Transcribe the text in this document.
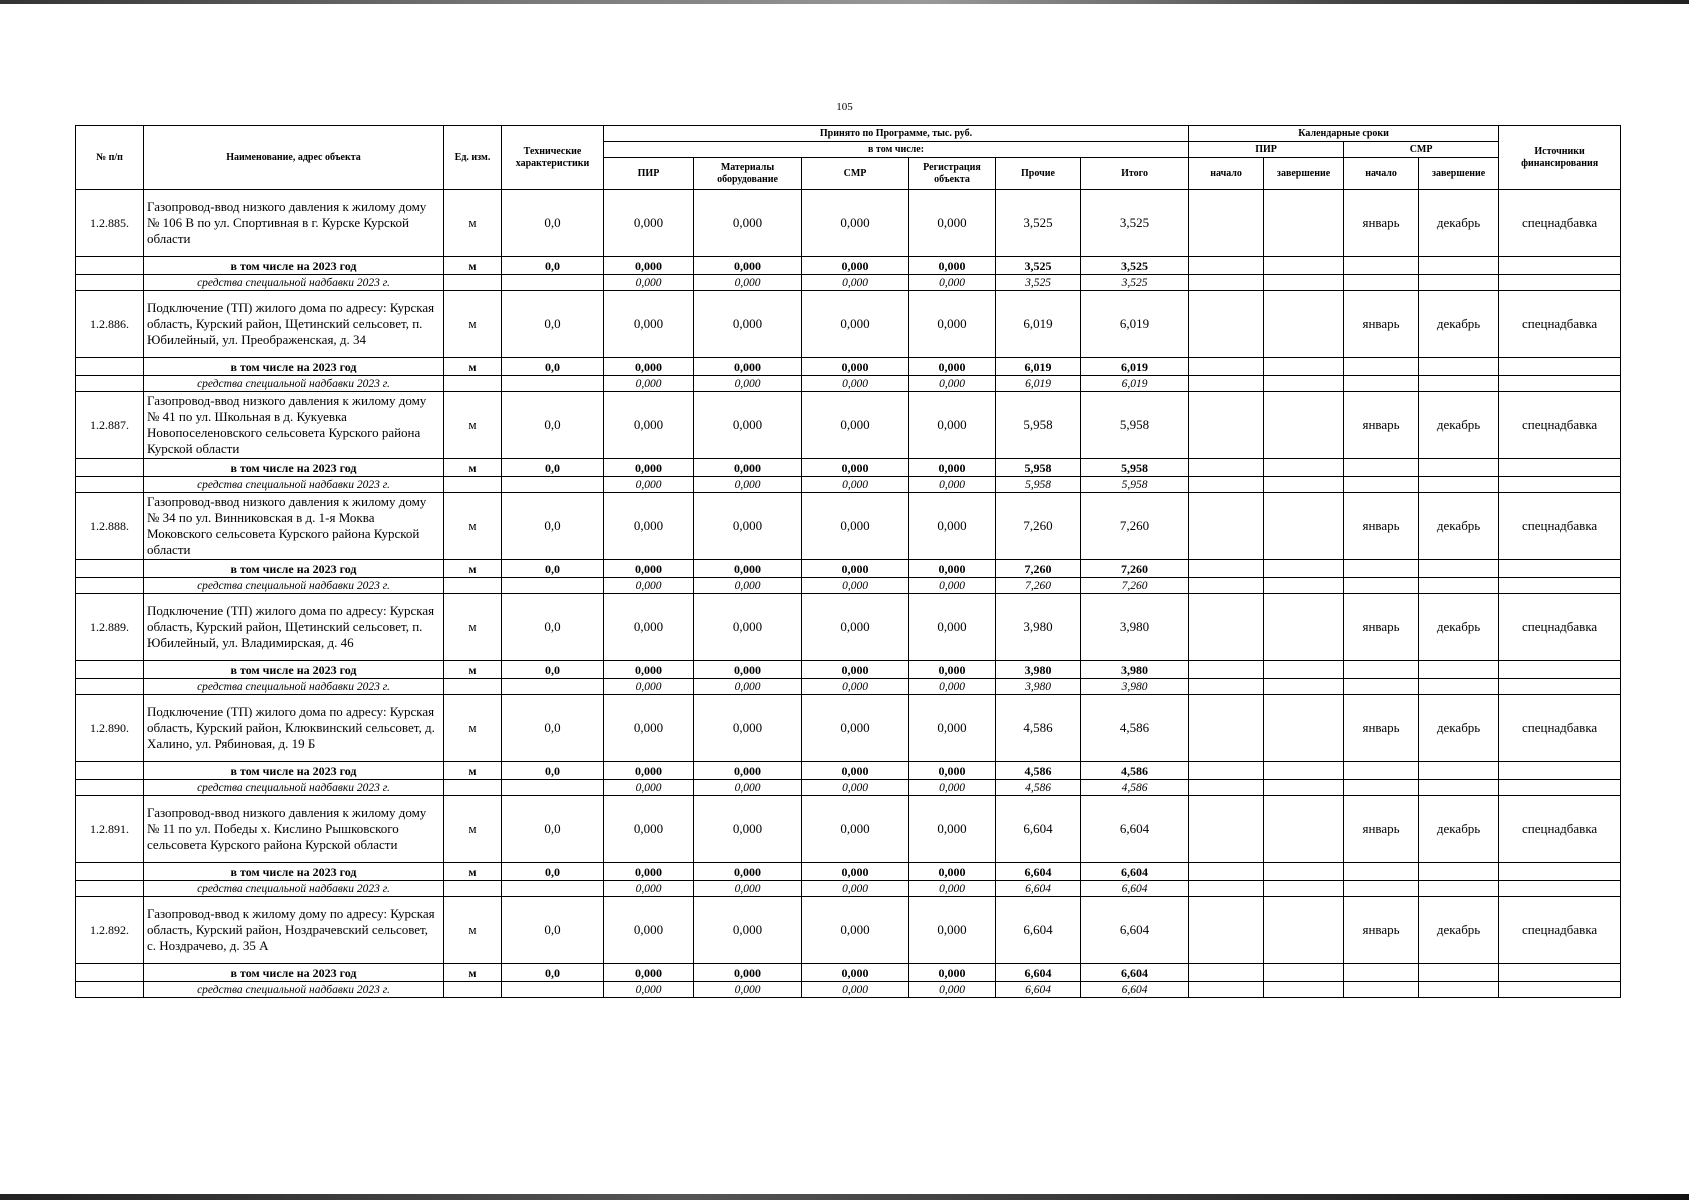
105
№ п/п	Наименование, адрес объекта	Ед. изм.	Технические характеристики	Принято по Программе, тыс. руб.						Календарные сроки				Источники финансирования
				в том числе:						ПИР		СМР		
				ПИР	Материалы оборудование	СМР	Регистрация объекта	Прочие	Итого	начало	завершение	начало	завершение	
1.2.885.	Газопровод-ввод низкого давления к жилому дому № 106 В по ул. Спортивная в г. Курске Курской области	м	0,0	0,000	0,000	0,000	0,000	3,525	3,525			январь	декабрь	спецнадбавка
	в том числе на 2023 год	м	0,0	0,000	0,000	0,000	0,000	3,525	3,525					
	средства специальной надбавки 2023 г.			0,000	0,000	0,000	0,000	3,525	3,525					
1.2.886.	Подключение (ТП) жилого дома по адресу: Курская область, Курский район, Щетинский сельсовет, п. Юбилейный, ул. Преображенская, д. 34	м	0,0	0,000	0,000	0,000	0,000	6,019	6,019			январь	декабрь	спецнадбавка
	в том числе на 2023 год	м	0,0	0,000	0,000	0,000	0,000	6,019	6,019					
	средства специальной надбавки 2023 г.			0,000	0,000	0,000	0,000	6,019	6,019					
1.2.887.	Газопровод-ввод низкого давления к жилому дому № 41 по ул. Школьная в д. Кукуевка Новопоселеновского сельсовета Курского района Курской области	м	0,0	0,000	0,000	0,000	0,000	5,958	5,958			январь	декабрь	спецнадбавка
	в том числе на 2023 год	м	0,0	0,000	0,000	0,000	0,000	5,958	5,958					
	средства специальной надбавки 2023 г.			0,000	0,000	0,000	0,000	5,958	5,958					
1.2.888.	Газопровод-ввод низкого давления к жилому дому № 34 по ул. Винниковская в д. 1-я Моква Моковского сельсовета Курского района Курской области	м	0,0	0,000	0,000	0,000	0,000	7,260	7,260			январь	декабрь	спецнадбавка
	в том числе на 2023 год	м	0,0	0,000	0,000	0,000	0,000	7,260	7,260					
	средства специальной надбавки 2023 г.			0,000	0,000	0,000	0,000	7,260	7,260					
1.2.889.	Подключение (ТП) жилого дома по адресу: Курская область, Курский район, Щетинский сельсовет, п. Юбилейный, ул. Владимирская, д. 46	м	0,0	0,000	0,000	0,000	0,000	3,980	3,980			январь	декабрь	спецнадбавка
	в том числе на 2023 год	м	0,0	0,000	0,000	0,000	0,000	3,980	3,980					
	средства специальной надбавки 2023 г.			0,000	0,000	0,000	0,000	3,980	3,980					
1.2.890.	Подключение (ТП) жилого дома по адресу: Курская область, Курский район, Клюквинский сельсовет, д. Халино, ул. Рябиновая, д. 19 Б	м	0,0	0,000	0,000	0,000	0,000	4,586	4,586			январь	декабрь	спецнадбавка
	в том числе на 2023 год	м	0,0	0,000	0,000	0,000	0,000	4,586	4,586					
	средства специальной надбавки 2023 г.			0,000	0,000	0,000	0,000	4,586	4,586					
1.2.891.	Газопровод-ввод низкого давления к жилому дому № 11 по ул. Победы х. Кислино Рышковского сельсовета Курского района Курской области	м	0,0	0,000	0,000	0,000	0,000	6,604	6,604			январь	декабрь	спецнадбавка
	в том числе на 2023 год	м	0,0	0,000	0,000	0,000	0,000	6,604	6,604					
	средства специальной надбавки 2023 г.			0,000	0,000	0,000	0,000	6,604	6,604					
1.2.892.	Газопровод-ввод к жилому дому по адресу: Курская область, Курский район, Ноздрачевский сельсовет, с. Ноздрачево, д. 35 А	м	0,0	0,000	0,000	0,000	0,000	6,604	6,604			январь	декабрь	спецнадбавка
	в том числе на 2023 год	м	0,0	0,000	0,000	0,000	0,000	6,604	6,604					
	средства специальной надбавки 2023 г.			0,000	0,000	0,000	0,000	6,604	6,604					
